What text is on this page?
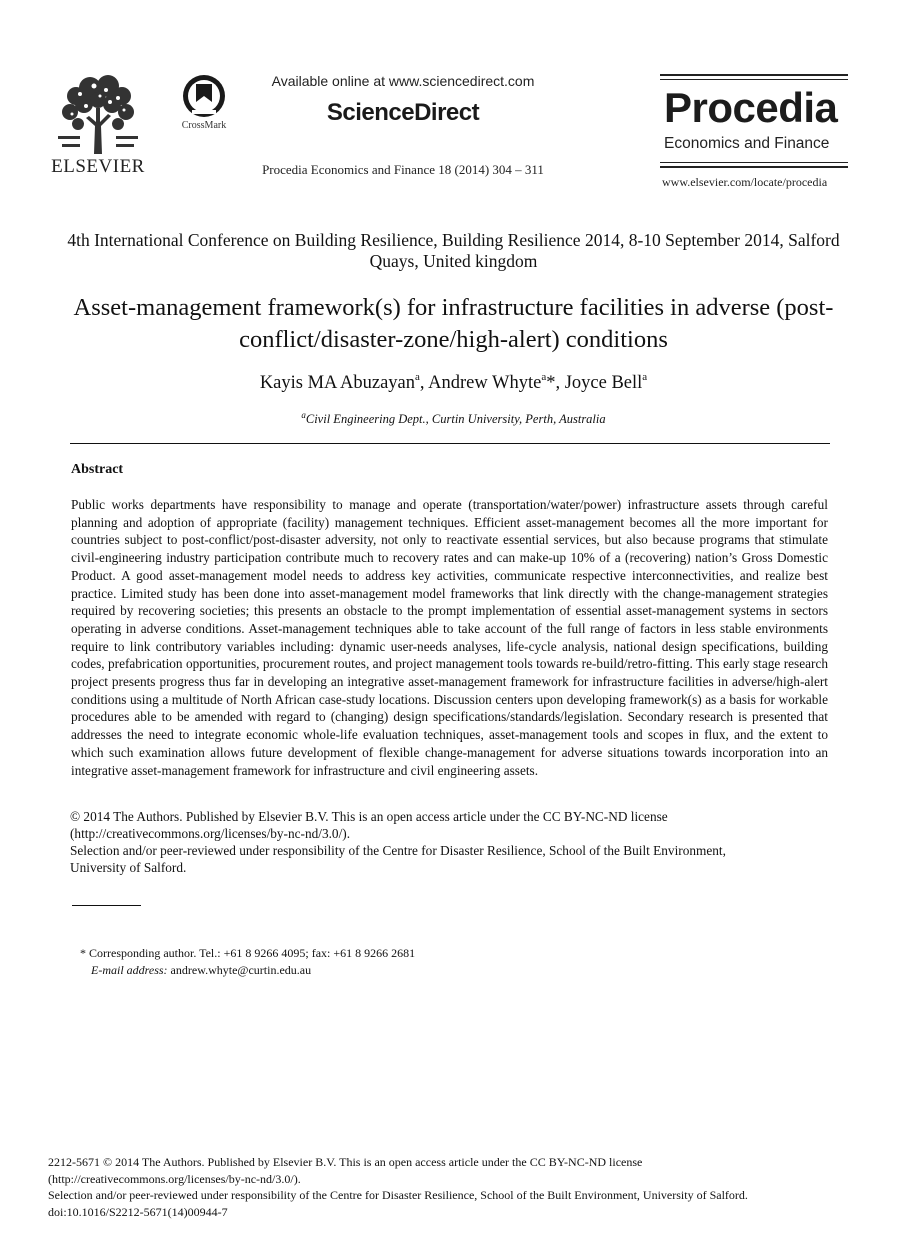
ELSEVIER
CrossMark
Available online at www.sciencedirect.com
ScienceDirect
Procedia Economics and Finance 18 (2014) 304 – 311
Procedia
Economics and Finance
www.elsevier.com/locate/procedia
4th International Conference on Building Resilience, Building Resilience 2014, 8-10 September 2014, Salford Quays, United kingdom
Asset-management framework(s) for infrastructure facilities in adverse (post-conflict/disaster-zone/high-alert) conditions
Kayis MA Abuzayan$^a$, Andrew Whyte$^a$*, Joyce Bell$^a$
$^a$Civil Engineering Dept., Curtin University, Perth, Australia
Abstract
Public works departments have responsibility to manage and operate (transportation/water/power) infrastructure assets through careful planning and adoption of appropriate (facility) management techniques. Efficient asset-management becomes all the more important for countries subject to post-conflict/post-disaster adversity, not only to reactivate essential services, but also because programs that stimulate civil-engineering industry participation contribute much to recovery rates and can make-up 10% of a (recovering) nation’s Gross Domestic Product. A good asset-management model needs to address key activities, communicate respective interconnectivities, and realize best practice. Limited study has been done into asset-management model frameworks that link directly with the change-management strategies required by recovering societies; this presents an obstacle to the prompt implementation of essential asset-management systems in sectors operating in adverse conditions. Asset-management techniques able to take account of the full range of factors in less stable environments require to link contributory variables including: dynamic user-needs analyses, life-cycle analysis, national design specifications, building codes, prefabrication opportunities, procurement routes, and project management tools towards re-build/retro-fitting. This early stage research project presents progress thus far in developing an integrative asset-management framework for infrastructure facilities in adverse/high-alert conditions using a multitude of North African case-study locations. Discussion centers upon developing framework(s) as a basis for workable procedures able to be amended with regard to (changing) design specifications/standards/legislation. Secondary research is presented that addresses the need to integrate economic whole-life evaluation techniques, asset-management tools and scopes in flux, and the extent to which such examination allows future development of flexible change-management for adverse situations towards incorporation into an integrative asset-management framework for infrastructure and civil engineering assets.
© 2014 The Authors. Published by Elsevier B.V. This is an open access article under the CC BY-NC-ND license
(http://creativecommons.org/licenses/by-nc-nd/3.0/).
Selection and/or peer-reviewed under responsibility of the Centre for Disaster Resilience, School of the Built Environment,
University of Salford.
* Corresponding author. Tel.: +61 8 9266 4095; fax: +61 8 9266 2681
E-mail address: andrew.whyte@curtin.edu.au
2212-5671 © 2014 The Authors. Published by Elsevier B.V. This is an open access article under the CC BY-NC-ND license
(http://creativecommons.org/licenses/by-nc-nd/3.0/).
Selection and/or peer-reviewed under responsibility of the Centre for Disaster Resilience, School of the Built Environment, University of Salford.
doi:10.1016/S2212-5671(14)00944-7
